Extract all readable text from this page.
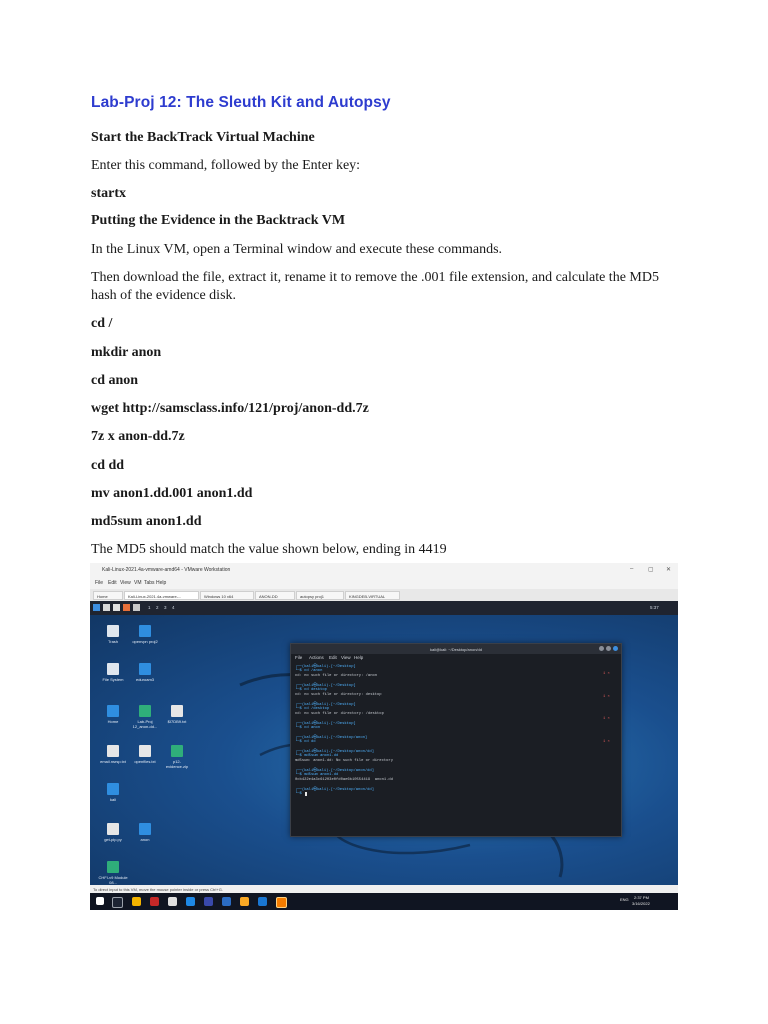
Lab-Proj 12: The Sleuth Kit and Autopsy
Start the BackTrack Virtual Machine
Enter this command, followed by the Enter key:
startx
Putting the Evidence in the Backtrack VM
In the Linux VM, open a Terminal window and execute these commands.
Then download the file, extract it, rename it to remove the .001 file extension, and calculate the MD5 hash of the evidence disk.
cd /
mkdir anon
cd anon
wget http://samsclass.info/121/proj/anon-dd.7z
7z x anon-dd.7z
cd dd
mv anon1.dd.001 anon1.dd
md5sum anon1.dd
The MD5 should match the value shown below, ending in 4419
Kali-Linux-2021.4a-vmware-amd64 - VMware Workstation	– ▢ ✕
File Edit View VM Tabs Help
Home	Kali-Linux-2021.4a-vmware-...	Windows 10 x64	ANON-DD	autopsy proj1	KINGDEB-VIRTUAL
1 2 3 4	5:37
Trash	openvpn proj2
File System	eduroam3
Home	Lab-Proj 12_anon-dd...
$I7DB9.txt
email.nsrsp.txt	openfiles.txt	p12-evidence.zip
kali
get-pip.py	anon
CHFI-v9 Module 08...
kali@kali: ~/Desktop/anon/dd
File Actions Edit View Help
┌──(kali㉿kali)-[~/Desktop]
└─$ cd /anon
cd: no such file or directory: /anon
┌──(kali㉿kali)-[~/Desktop]
└─$ cd desktop
cd: no such file or directory: desktop
┌──(kali㉿kali)-[~/Desktop]
└─$ cd /desktop
cd: no such file or directory: /desktop
┌──(kali㉿kali)-[~/Desktop]
└─$ cd anon
┌──(kali㉿kali)-[~/Desktop/anon]
└─$ cd dd
┌──(kali㉿kali)-[~/Desktop/anon/dd]
└─$ md5sum anon1.dd
md5sum: anon1.dd: No such file or directory
┌──(kali㉿kali)-[~/Desktop/anon/dd]
└─$ md5sum anon1.dd
0cb422e4a3c61203e0fd0ae6b10554419  anon1.dd
┌──(kali㉿kali)-[~/Desktop/anon/dd]
└─$
1 ⨯
1 ⨯
1 ⨯
1 ⨯
To direct input to this VM, move the mouse pointer inside or press Ctrl+G.
ENG 2:37 PM
3/16/2022
